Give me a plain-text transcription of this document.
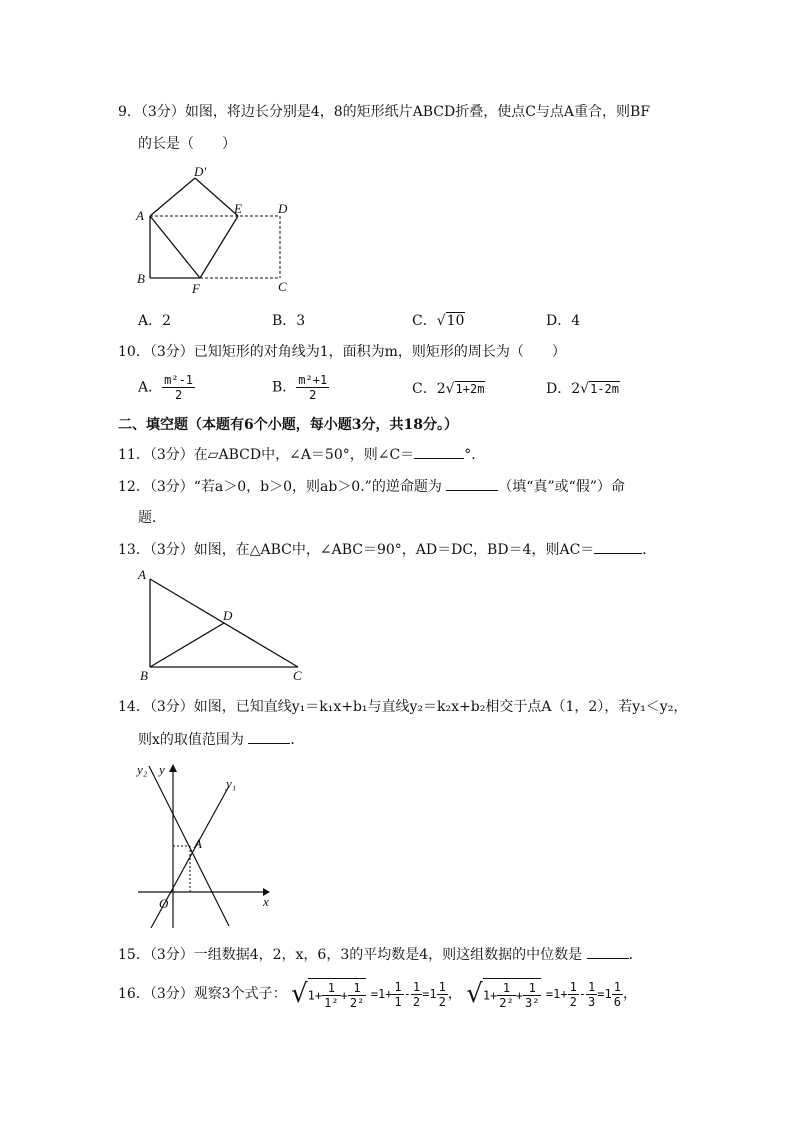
9．（3分）如图，将边长分别是4，8的矩形纸片ABCD折叠，使点C与点A重合，则BF
的长是（　　）
D′
A	E	D
B
F	C
A．2	B．3	C．√10	D．4
10．（3分）已知矩形的对角线为1，面积为m，则矩形的周长为（　　）
A． $\frac{\text{m²-1}}{2}$	B． $\frac{\text{m²+1}}{2}$	C．2√1+2m	D．2√1-2m
二、填空题（本题有6个小题，每小题3分，共18分。）
11．（3分）在▱ABCD中，∠A＝50°，则∠C＝	°．
12．（3分）“若a＞0，b＞0，则ab＞0.”的逆命题为	（填“真”或“假”）命
题．
13．（3分）如图，在△ABC中，∠ABC＝90°，AD＝DC，BD＝4，则AC＝	．
A
D
B	C
14．（3分）如图，已知直线y₁＝k₁x+b₁与直线y₂＝k₂x+b₂相交于点A（1，2），若y₁＜y₂，
则x的取值范围为	．
y₂ y
y₁
A
O	x
15．（3分）一组数据4，2，x，6，3的平均数是4，则这组数据的中位数是	．
16．（3分）观察3个式子： $√1+ \frac{1}{\text{1²}} + \frac{1}{\text{2²}} =1+ \frac{1}{1} - \frac{1}{2} =1 \frac{1}{2}$ ， $√1+ \frac{1}{\text{2²}} + \frac{1}{\text{3²}} =1+ \frac{1}{2} - \frac{1}{3} =1 \frac{1}{6}$ ，
